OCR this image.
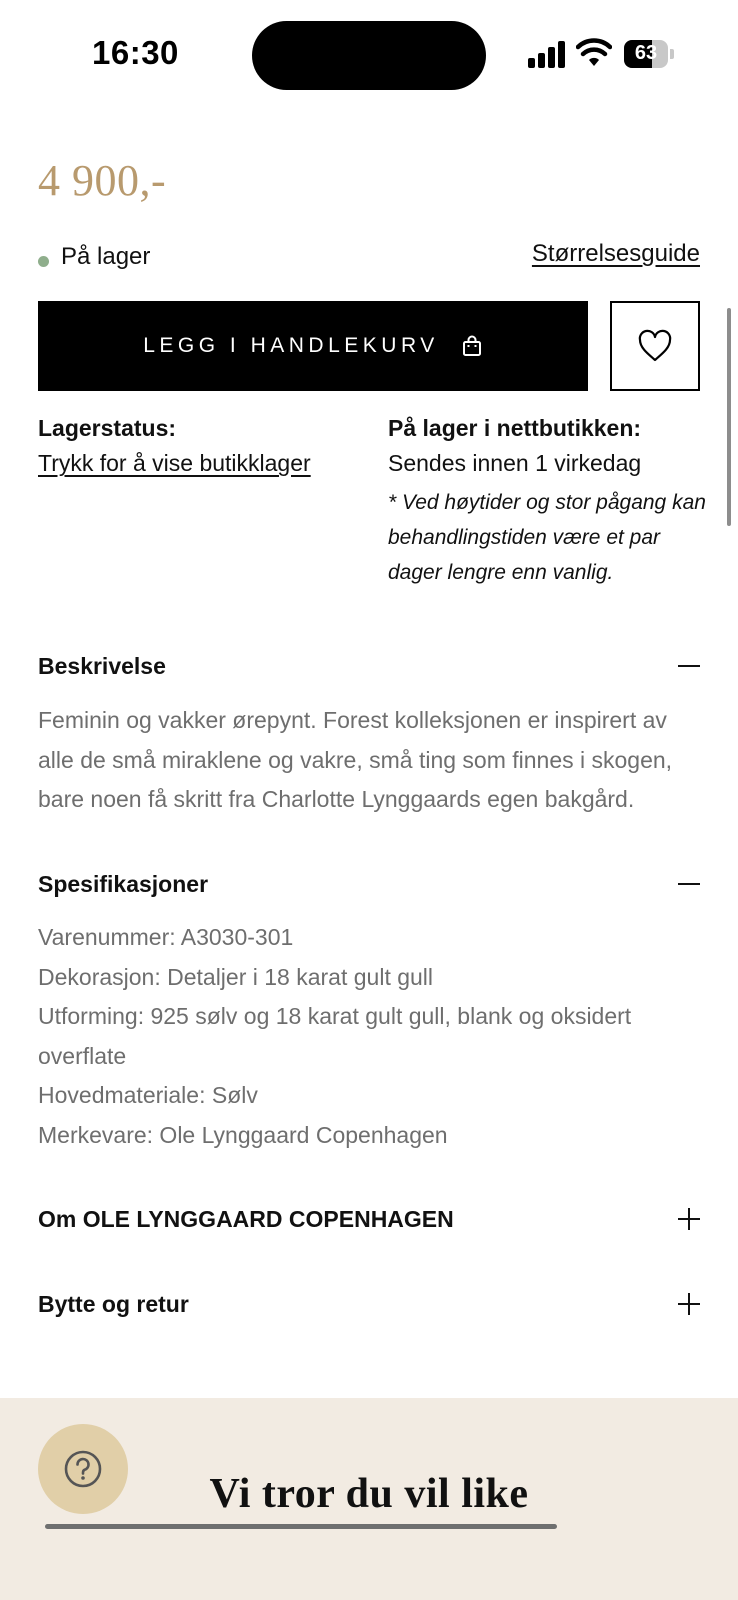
16:30	63
4 900,-
På lager	Størrelsesguide
LEGG I HANDLEKURV
Lagerstatus:
Trykk for å vise butikklager
På lager i nettbutikken:
Sendes innen 1 virkedag
* Ved høytider og stor pågang kan behandlingstiden være et par dager lengre enn vanlig.
Beskrivelse

Feminin og vakker ørepynt. Forest kolleksjonen er inspirert av alle de små miraklene og vakre, små ting som finnes i skogen, bare noen få skritt fra Charlotte Lynggaards egen bakgård.

Spesifikasjoner

Varenummer: A3030-301

Dekorasjon: Detaljer i 18 karat gult gull

Utforming: 925 sølv og 18 karat gult gull, blank og oksidert overflate

Hovedmateriale: Sølv

Merkevare: Ole Lynggaard Copenhagen

Om OLE LYNGGAARD COPENHAGEN
Bytte og retur
Vi tror du vil like
